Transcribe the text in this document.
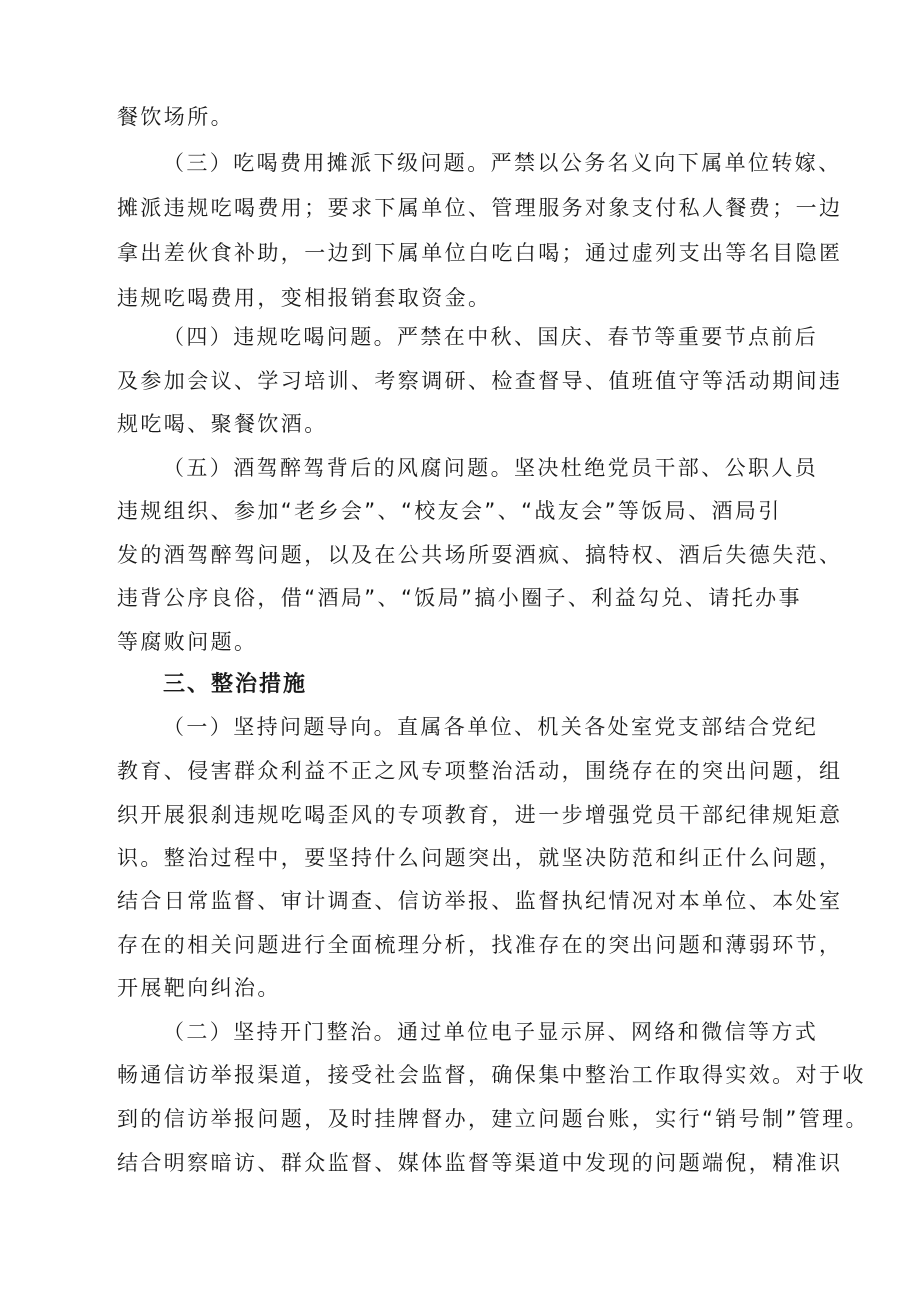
餐饮场所。
（三）吃喝费用摊派下级问题。严禁以公务名义向下属单位转嫁、
摊派违规吃喝费用；要求下属单位、管理服务对象支付私人餐费；一边
拿出差伙食补助，一边到下属单位白吃白喝；通过虚列支出等名目隐匿
违规吃喝费用，变相报销套取资金。
（四）违规吃喝问题。严禁在中秋、国庆、春节等重要节点前后
及参加会议、学习培训、考察调研、检查督导、值班值守等活动期间违
规吃喝、聚餐饮酒。
（五）酒驾醉驾背后的风腐问题。坚决杜绝党员干部、公职人员
违规组织、参加“老乡会”、“校友会”、“战友会”等饭局、酒局引
发的酒驾醉驾问题，以及在公共场所耍酒疯、搞特权、酒后失德失范、
违背公序良俗，借“酒局”、“饭局”搞小圈子、利益勾兑、请托办事
等腐败问题。
三、整治措施
（一）坚持问题导向。直属各单位、机关各处室党支部结合党纪
教育、侵害群众利益不正之风专项整治活动，围绕存在的突出问题，组
织开展狠刹违规吃喝歪风的专项教育，进一步增强党员干部纪律规矩意
识。整治过程中，要坚持什么问题突出，就坚决防范和纠正什么问题，
结合日常监督、审计调查、信访举报、监督执纪情况对本单位、本处室
存在的相关问题进行全面梳理分析，找准存在的突出问题和薄弱环节，
开展靶向纠治。
（二）坚持开门整治。通过单位电子显示屏、网络和微信等方式
畅通信访举报渠道，接受社会监督，确保集中整治工作取得实效。对于收
到的信访举报问题，及时挂牌督办，建立问题台账，实行“销号制”管理。
结合明察暗访、群众监督、媒体监督等渠道中发现的问题端倪，精准识
